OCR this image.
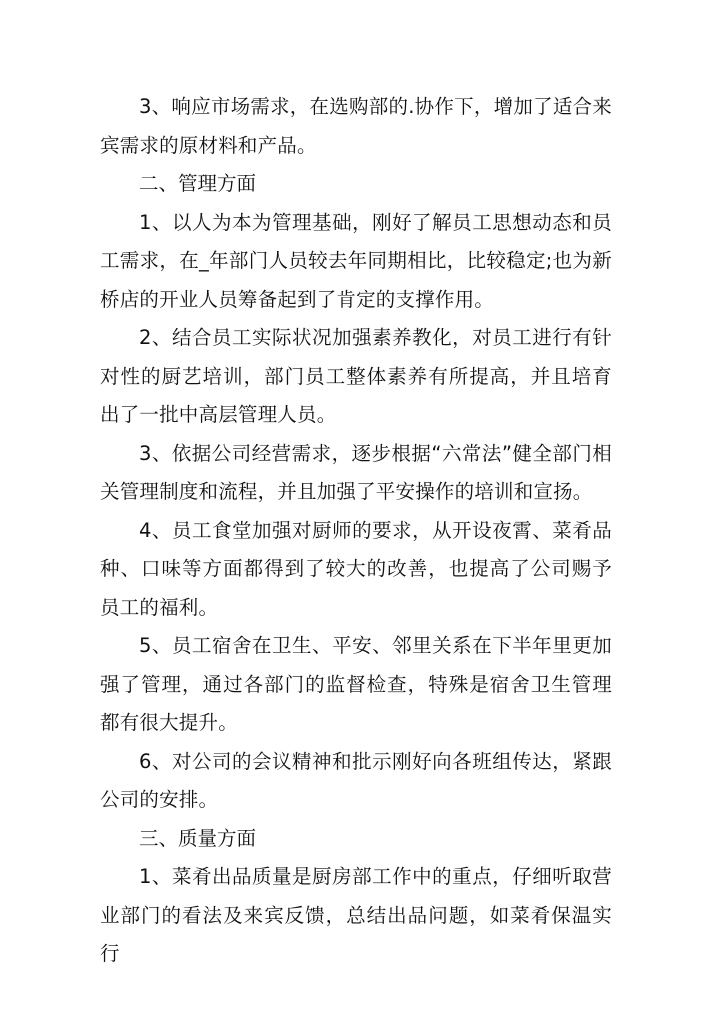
3、响应市场需求，在选购部的.协作下，增加了适合来宾需求的原材料和产品。

二、管理方面

1、以人为本为管理基础，刚好了解员工思想动态和员工需求，在_年部门人员较去年同期相比，比较稳定;也为新桥店的开业人员筹备起到了肯定的支撑作用。

2、结合员工实际状况加强素养教化，对员工进行有针对性的厨艺培训，部门员工整体素养有所提高，并且培育出了一批中高层管理人员。

3、依据公司经营需求，逐步根据“六常法”健全部门相关管理制度和流程，并且加强了平安操作的培训和宣扬。

4、员工食堂加强对厨师的要求，从开设夜霄、菜肴品种、口味等方面都得到了较大的改善，也提高了公司赐予员工的福利。

5、员工宿舍在卫生、平安、邻里关系在下半年里更加强了管理，通过各部门的监督检查，特殊是宿舍卫生管理都有很大提升。

6、对公司的会议精神和批示刚好向各班组传达，紧跟公司的安排。

三、质量方面

1、菜肴出品质量是厨房部工作中的重点，仔细听取营业部门的看法及来宾反馈，总结出品问题，如菜肴保温实行
